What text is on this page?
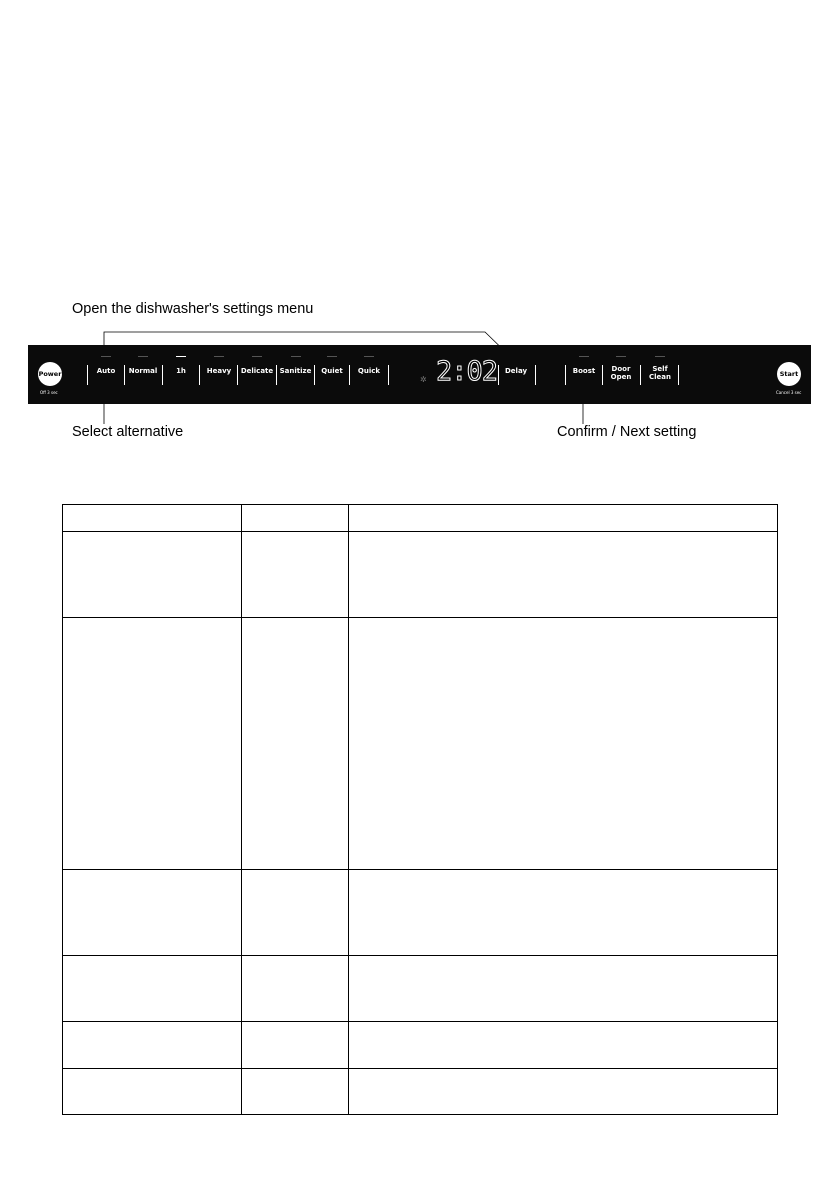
Open the dishwasher's settings menu
Select alternative	Confirm / Next setting
Power
Off 3 sec
Auto	Normal	1h	Heavy	Delicate Sanitize	Quiet	Quick
✲ 2:02	Delay	Boost	Door
Open
Self
Clean	Start
Cancel 3 sec
